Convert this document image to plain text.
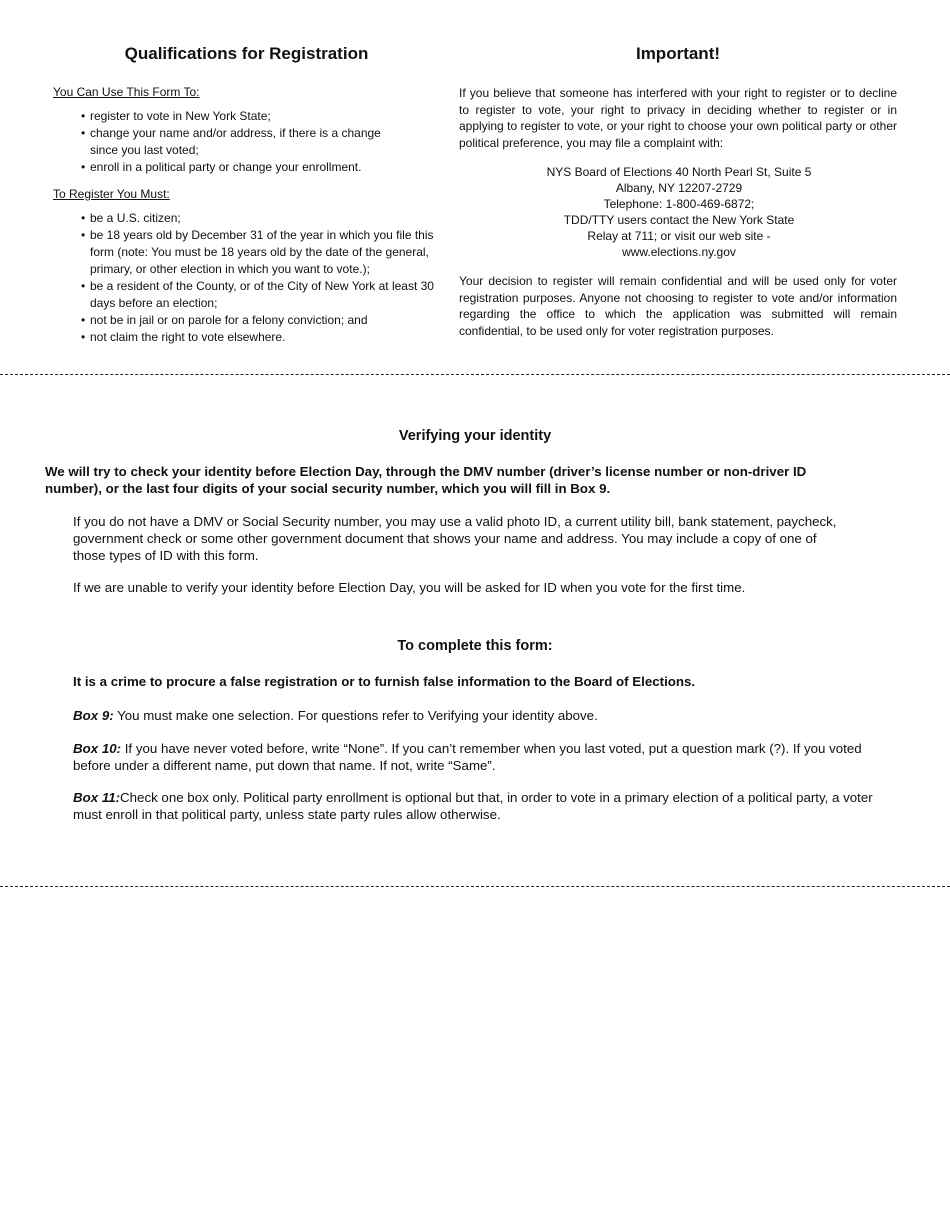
Qualifications for Registration
You Can Use This Form To:
• register to vote in New York State;
• change your name and/or address, if there is a change since you last voted;
• enroll in a political party or change your enrollment.
To Register You Must:
• be a U.S. citizen;
• be 18 years old by December 31 of the year in which you file this form (note: You must be 18 years old by the date of the general, primary, or other election in which you want to vote.);
• be a resident of the County, or of the City of New York at least 30 days before an election;
• not be in jail or on parole for a felony conviction; and
• not claim the right to vote elsewhere.
Important!

If you believe that someone has interfered with your right to register or to decline to register to vote, your right to privacy in deciding whether to register or in applying to register to vote, or your right to choose your own political party or other political preference, you may file a complaint with:

NYS Board of Elections 40 North Pearl St, Suite 5
Albany, NY 12207-2729
Telephone: 1-800-469-6872;
TDD/TTY users contact the New York State
Relay at 711; or visit our web site -
www.elections.ny.gov

Your decision to register will remain confidential and will be used only for voter registration purposes. Anyone not choosing to register to vote and/or information regarding the office to which the application was submitted will remain confidential, to be used only for voter registration purposes.

Verifying your identity

We will try to check your identity before Election Day, through the DMV number (driver’s license number or non-driver ID number), or the last four digits of your social security number, which you will fill in Box 9.

If you do not have a DMV or Social Security number, you may use a valid photo ID, a current utility bill, bank statement, paycheck, government check or some other government document that shows your name and address. You may include a copy of one of those types of ID with this form.

If we are unable to verify your identity before Election Day, you will be asked for ID when you vote for the first time.

To complete this form:

It is a crime to procure a false registration or to furnish false information to the Board of Elections.

Box 9: You must make one selection. For questions refer to Verifying your identity above.

Box 10: If you have never voted before, write “None”. If you can’t remember when you last voted, put a question mark (?). If you voted before under a different name, put down that name. If not, write “Same”.

Box 11:Check one box only. Political party enrollment is optional but that, in order to vote in a primary election of a political party, a voter must enroll in that political party, unless state party rules allow otherwise.
